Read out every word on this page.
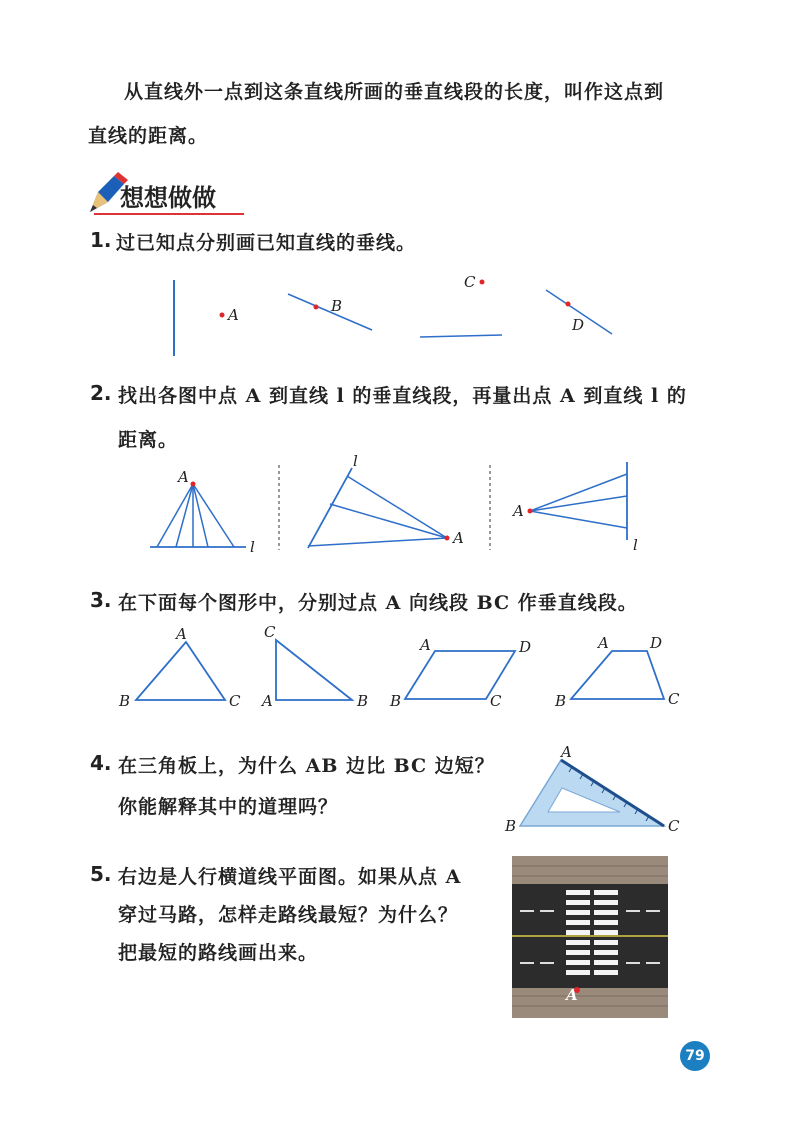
从直线外一点到这条直线所画的垂直线段的长度，叫作这点到
直线的距离。
想想做做
1. 过已知点分别画已知直线的垂线。
A	B
C
D
A
l
l
A
A
l
A
B	C
C
A	B
A	D
B	C
A	D
B	C
A
B	C
A
2. 找出各图中点 A 到直线 l 的垂直线段，再量出点 A 到直线 l 的
距离。
3. 在下面每个图形中，分别过点 A 向线段 BC 作垂直线段。
4. 在三角板上，为什么 AB 边比 BC 边短？
你能解释其中的道理吗？
5. 右边是人行横道线平面图。如果从点 A
穿过马路，怎样走路线最短？为什么？
把最短的路线画出来。
79
